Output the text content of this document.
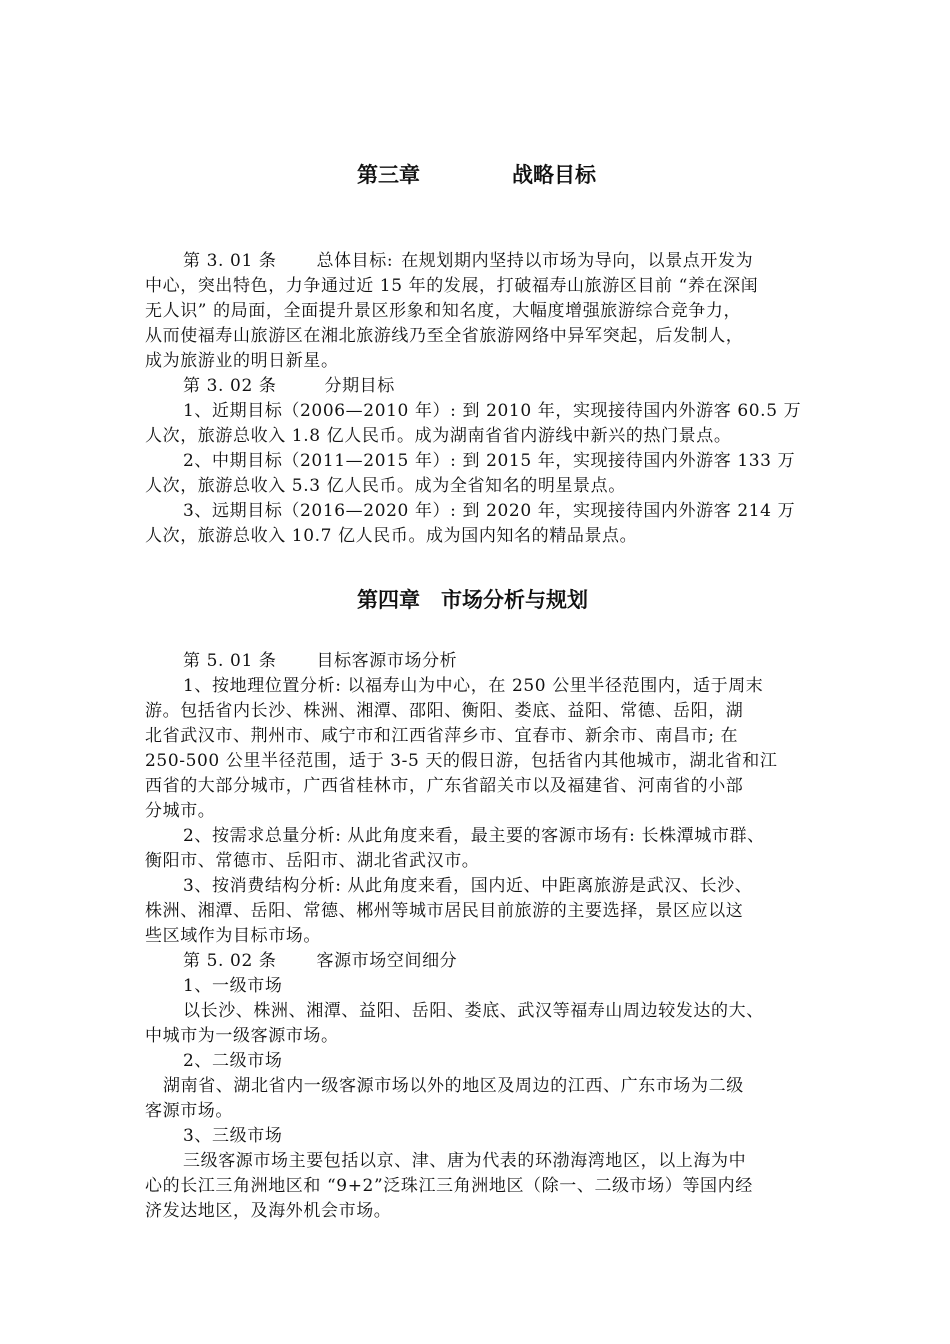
第三章	战略目标
第 3. 01 条 总体目标: 在规划期内坚持以市场为导向，以景点开发为
中心，突出特色，力争通过近 15 年的发展，打破福寿山旅游区目前 “养在深闺
无人识” 的局面，全面提升景区形象和知名度，大幅度增强旅游综合竞争力，
从而使福寿山旅游区在湘北旅游线乃至全省旅游网络中异军突起，后发制人，
成为旅游业的明日新星。
第 3. 02 条	分期目标
1、近期目标（2006—2010 年）: 到 2010 年，实现接待国内外游客 60.5 万
人次，旅游总收入 1.8 亿人民币。成为湖南省省内游线中新兴的热门景点。
2、中期目标（2011—2015 年）: 到 2015 年，实现接待国内外游客 133 万
人次，旅游总收入 5.3 亿人民币。成为全省知名的明星景点。
3、远期目标（2016—2020 年）: 到 2020 年，实现接待国内外游客 214 万
人次，旅游总收入 10.7 亿人民币。成为国内知名的精品景点。
第四章 市场分析与规划
第 5. 01 条 目标客源市场分析
1、按地理位置分析: 以福寿山为中心，在 250 公里半径范围内，适于周末
游。包括省内长沙、株洲、湘潭、邵阳、衡阳、娄底、益阳、常德、岳阳，湖
北省武汉市、荆州市、咸宁市和江西省萍乡市、宜春市、新余市、南昌市; 在
250-500 公里半径范围，适于 3-5 天的假日游，包括省内其他城市，湖北省和江
西省的大部分城市，广西省桂林市，广东省韶关市以及福建省、河南省的小部
分城市。
2、按需求总量分析: 从此角度来看，最主要的客源市场有: 长株潭城市群、
衡阳市、常德市、岳阳市、湖北省武汉市。
3、按消费结构分析: 从此角度来看，国内近、中距离旅游是武汉、长沙、
株洲、湘潭、岳阳、常德、郴州等城市居民目前旅游的主要选择，景区应以这
些区域作为目标市场。
第 5. 02 条 客源市场空间细分
1、一级市场
以长沙、株洲、湘潭、益阳、岳阳、娄底、武汉等福寿山周边较发达的大、
中城市为一级客源市场。
2、二级市场
湖南省、湖北省内一级客源市场以外的地区及周边的江西、广东市场为二级
客源市场。
3、三级市场
三级客源市场主要包括以京、津、唐为代表的环渤海湾地区，以上海为中
心的长江三角洲地区和 “9+2”泛珠江三角洲地区（除一、二级市场）等国内经
济发达地区，及海外机会市场。
